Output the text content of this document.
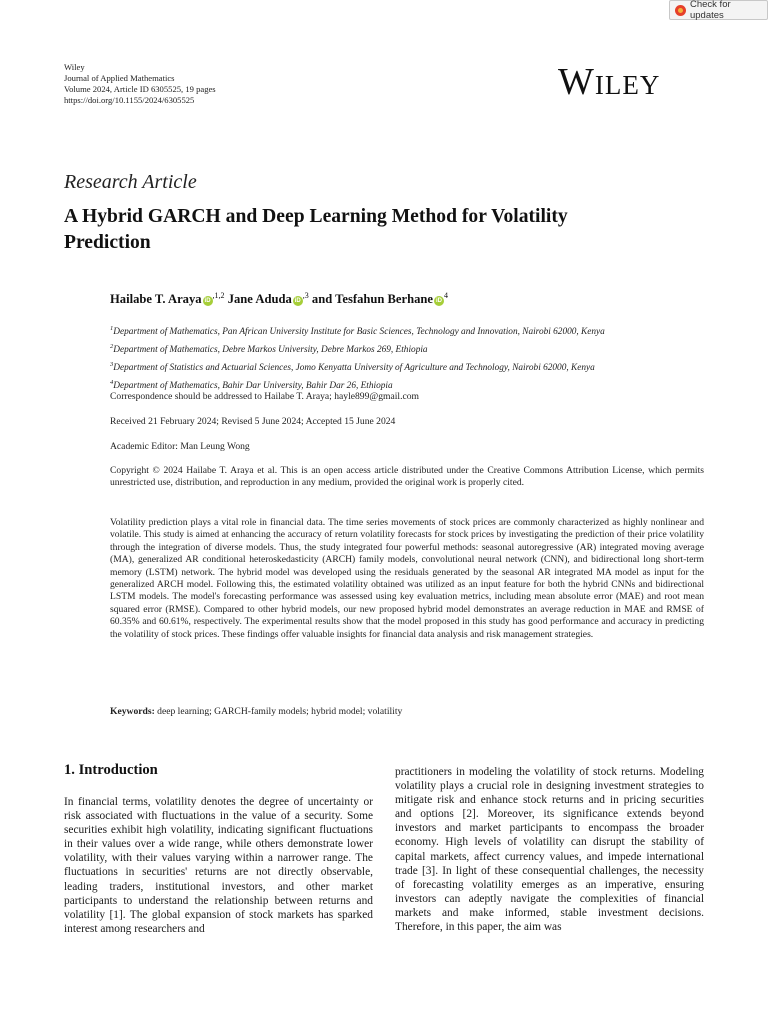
Check for updates
Wiley
Journal of Applied Mathematics
Volume 2024, Article ID 6305525, 19 pages
https://doi.org/10.1155/2024/6305525	Wiley
Research Article
A Hybrid GARCH and Deep Learning Method for Volatility Prediction
Hailabe T. Araya $iD^{,1,2}$ Jane Aduda $iD^{,3}$ and Tesfahun Berhane $iD^4$
$^1$Department of Mathematics, Pan African University Institute for Basic Sciences, Technology and Innovation, Nairobi 62000, Kenya
$^2$Department of Mathematics, Debre Markos University, Debre Markos 269, Ethiopia
$^3$Department of Statistics and Actuarial Sciences, Jomo Kenyatta University of Agriculture and Technology, Nairobi 62000, Kenya
$^4$Department of Mathematics, Bahir Dar University, Bahir Dar 26, Ethiopia
Correspondence should be addressed to Hailabe T. Araya; hayle899@gmail.com
Received 21 February 2024; Revised 5 June 2024; Accepted 15 June 2024
Academic Editor: Man Leung Wong
Copyright © 2024 Hailabe T. Araya et al. This is an open access article distributed under the Creative Commons Attribution License, which permits unrestricted use, distribution, and reproduction in any medium, provided the original work is properly cited.
Volatility prediction plays a vital role in financial data. The time series movements of stock prices are commonly characterized as highly nonlinear and volatile. This study is aimed at enhancing the accuracy of return volatility forecasts for stock prices by investigating the prediction of their price volatility through the integration of diverse models. Thus, the study integrated four powerful methods: seasonal autoregressive (AR) integrated moving average (MA), generalized AR conditional heteroskedasticity (ARCH) family models, convolutional neural network (CNN), and bidirectional long short-term memory (LSTM) network. The hybrid model was developed using the residuals generated by the seasonal AR integrated MA model as input for the generalized ARCH model. Following this, the estimated volatility obtained was utilized as an input feature for both the hybrid CNNs and bidirectional LSTM models. The model's forecasting performance was assessed using key evaluation metrics, including mean absolute error (MAE) and root mean squared error (RMSE). Compared to other hybrid models, our new proposed hybrid model demonstrates an average reduction in MAE and RMSE of 60.35% and 60.61%, respectively. The experimental results show that the model proposed in this study has good performance and accuracy in predicting the volatility of stock prices. These findings offer valuable insights for financial data analysis and risk management strategies.
Keywords: deep learning; GARCH-family models; hybrid model; volatility
1. Introduction
In financial terms, volatility denotes the degree of uncertainty or risk associated with fluctuations in the value of a security. Some securities exhibit high volatility, indicating significant fluctuations in their values over a wide range, while others demonstrate lower volatility, with their values varying within a narrower range. The fluctuations in securities' returns are not directly observable, leading traders, institutional investors, and other market participants to understand the relationship between returns and volatility [1]. The global expansion of stock markets has sparked interest among researchers and
practitioners in modeling the volatility of stock returns. Modeling volatility plays a crucial role in designing investment strategies to mitigate risk and enhance stock returns and in pricing securities and options [2]. Moreover, its significance extends beyond investors and market participants to encompass the broader economy. High levels of volatility can disrupt the stability of capital markets, affect currency values, and impede international trade [3]. In light of these consequential challenges, the necessity of forecasting volatility emerges as an imperative, ensuring investors can adeptly navigate the complexities of financial markets and make informed, stable investment decisions. Therefore, in this paper, the aim was
